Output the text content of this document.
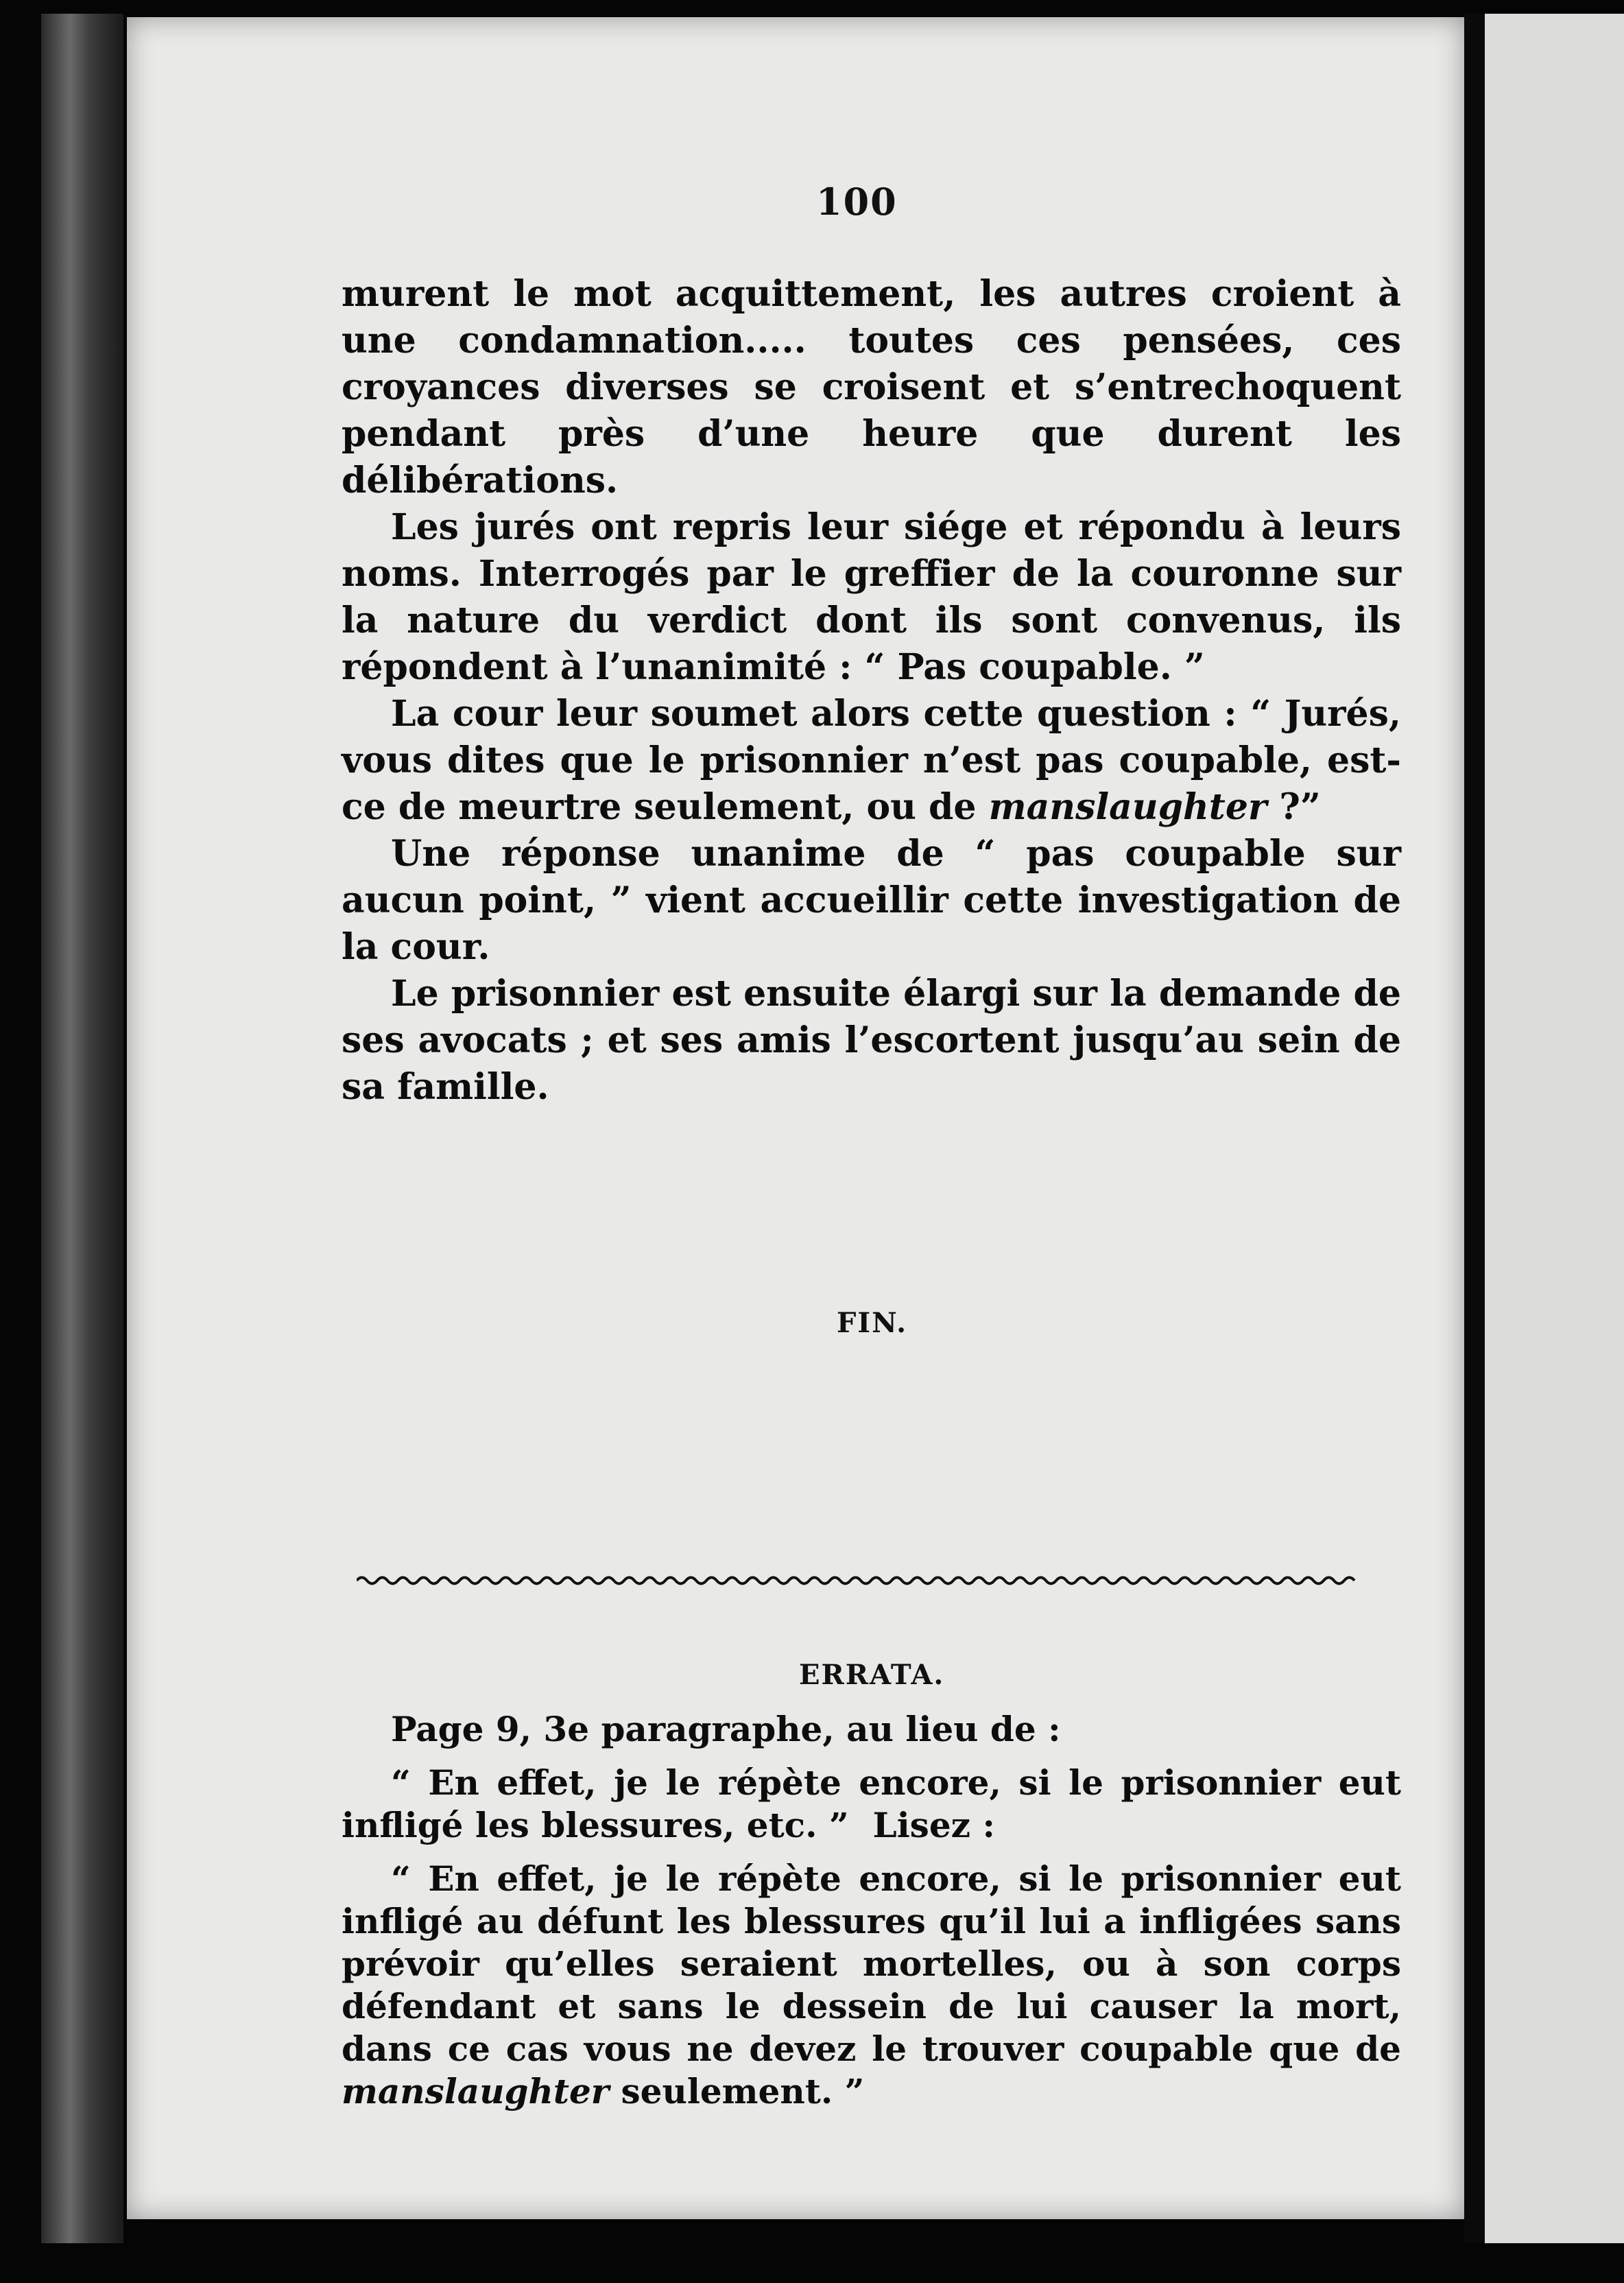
100

murent le mot acquittement, les autres croient à une condamnation..... toutes ces pensées, ces croyances diverses se croisent et s’entrechoquent pendant près d’une heure que durent les délibérations.

Les jurés ont repris leur siége et répondu à leurs noms. Interrogés par le greffier de la couronne sur la nature du verdict dont ils sont convenus, ils répondent à l’unanimité : “ Pas coupable. ”

La cour leur soumet alors cette question : “ Jurés, vous dites que le prisonnier n’est pas coupable, est-ce de meurtre seulement, ou de manslaughter ?”

Une réponse unanime de “ pas coupable sur aucun point, ” vient accueillir cette investigation de la cour.

Le prisonnier est ensuite élargi sur la demande de ses avocats ; et ses amis l’escortent jusqu’au sein de sa famille.

FIN.
ERRATA.

Page 9, 3e paragraphe, au lieu de :

“ En effet, je le répète encore, si le prisonnier eut infligé les blessures, etc. ” Lisez :

“ En effet, je le répète encore, si le prisonnier eut infligé au défunt les blessures qu’il lui a infligées sans prévoir qu’elles seraient mortelles, ou à son corps défendant et sans le dessein de lui causer la mort, dans ce cas vous ne devez le trouver coupable que de manslaughter seulement. ”
